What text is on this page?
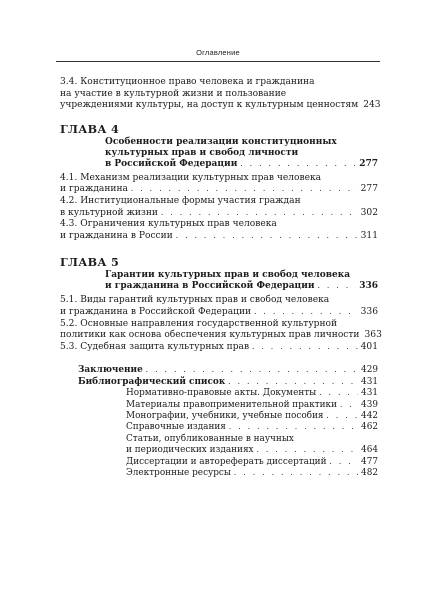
Оглавление
3.4. Конституционное право человека и гражданина
на участие в культурной жизни и пользование
учреждениями культуры, на доступ к культурным ценностям 243
ГЛАВА 4
Особенности реализации конституционных
культурных прав и свобод личности
в Российской Федерации . . .	277
4.1. Механизм реализации культурных прав человека
и гражданина . . .	277
4.2. Институциональные формы участия граждан
в культурной жизни . . .	302
4.3. Ограничения культурных прав человека
и гражданина в России . . .	311
ГЛАВА 5
Гарантии культурных прав и свобод человека
и гражданина в Российской Федерации . . .	336
5.1. Виды гарантий культурных прав и свобод человека
и гражданина в Российской Федерации . . .	336
5.2. Основные направления государственной культурной
политики как основа обеспечения культурных прав личности 363
5.3. Судебная защита культурных прав . . .	401
Заключение . . .	429
Библиографический список . . .	431
Нормативно-правовые акты. Документы . . .	431
Материалы правоприменительной практики . . .	439
Монографии, учебники, учебные пособия . . .	442
Справочные издания . . .	462
Статьи, опубликованные в научных
и периодических изданиях . . .	464
Диссертации и автореферать диссертаций . . .	477
Электронные ресурсы . . .	482
